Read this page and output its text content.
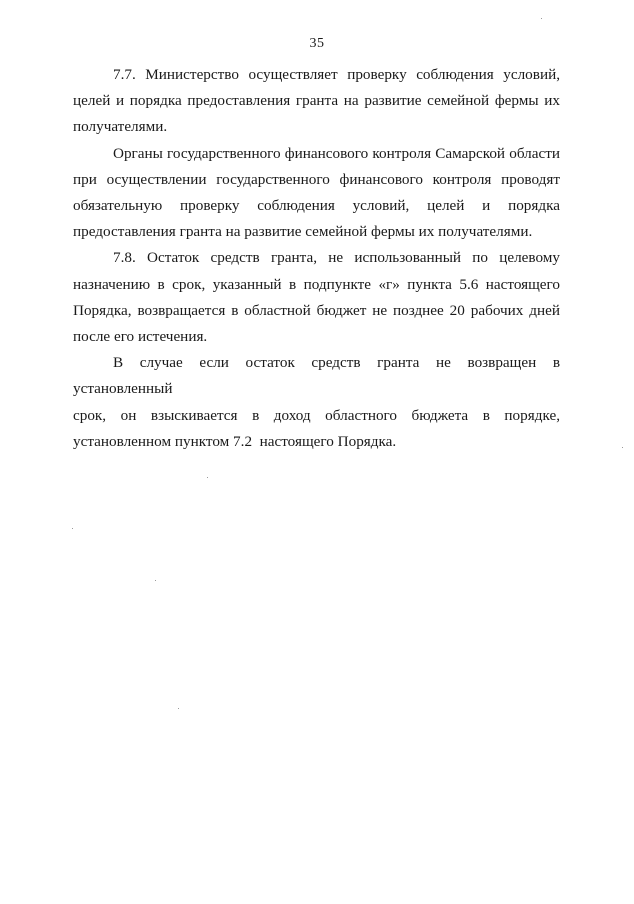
35

7.7. Министерство осуществляет проверку соблюдения условий,
целей и порядка предоставления гранта на развитие семейной фермы их
получателями.

Органы государственного финансового контроля Самарской области
при осуществлении государственного финансового контроля проводят
обязательную проверку соблюдения условий, целей и порядка
предоставления гранта на развитие семейной фермы их получателями.

7.8. Остаток средств гранта, не использованный по целевому
назначению в срок, указанный в подпункте «г» пункта 5.6 настоящего
Порядка, возвращается в областной бюджет не позднее 20 рабочих дней
после его истечения.

В случае если остаток средств гранта не возвращен в установленный
срок, он взыскивается в доход областного бюджета в порядке,
установленном пунктом 7.2  настоящего Порядка.
